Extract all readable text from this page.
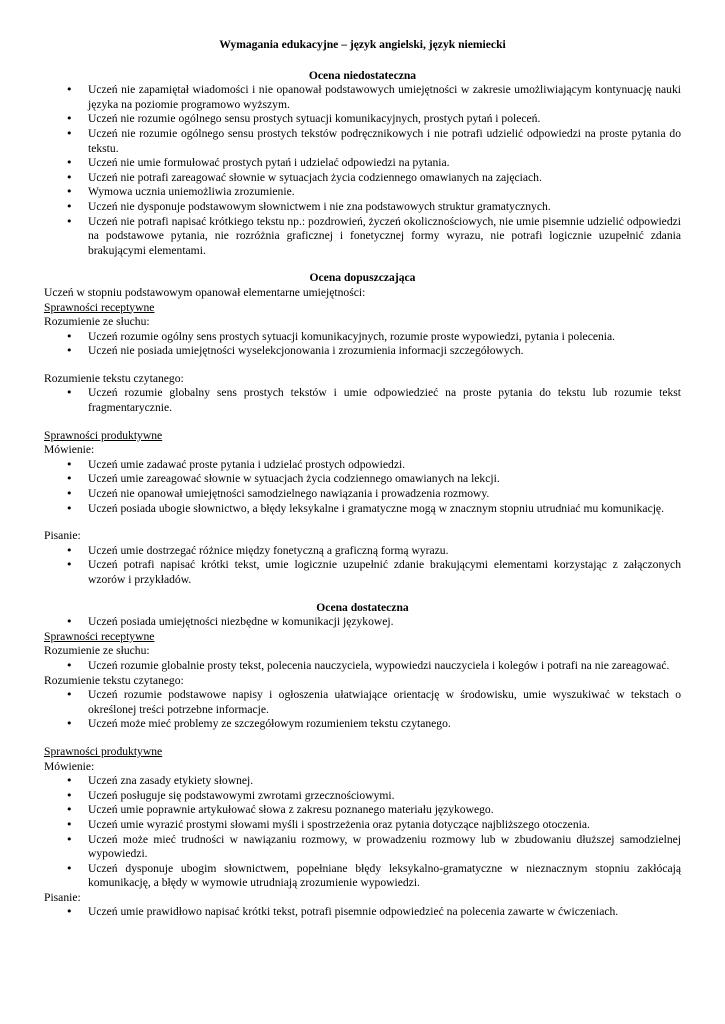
Wymagania edukacyjne – język angielski, język niemiecki

Ocena niedostateczna

• Uczeń nie zapamiętał wiadomości i nie opanował podstawowych umiejętności w zakresie umożliwiającym kontynuację nauki języka na poziomie programowo wyższym.
• Uczeń nie rozumie ogólnego sensu prostych sytuacji komunikacyjnych, prostych pytań i poleceń.
• Uczeń nie rozumie ogólnego sensu prostych tekstów podręcznikowych i nie potrafi udzielić odpowiedzi na proste pytania do tekstu.
• Uczeń nie umie formułować prostych pytań i udzielać odpowiedzi na pytania.
• Uczeń nie potrafi zareagować słownie w sytuacjach życia codziennego omawianych na zajęciach.
• Wymowa ucznia uniemożliwia zrozumienie.
• Uczeń nie dysponuje podstawowym słownictwem i nie zna podstawowych struktur gramatycznych.
• Uczeń nie potrafi napisać krótkiego tekstu np.: pozdrowień, życzeń okolicznościowych, nie umie pisemnie udzielić odpowiedzi na podstawowe pytania, nie rozróżnia graficznej i fonetycznej formy wyrazu, nie potrafi logicznie uzupełnić zdania brakującymi elementami.

Ocena dopuszczająca

Uczeń w stopniu podstawowym opanował elementarne umiejętności:

Sprawności receptywne

Rozumienie ze słuchu:

• Uczeń rozumie ogólny sens prostych sytuacji komunikacyjnych, rozumie proste wypowiedzi, pytania i polecenia.
• Uczeń nie posiada umiejętności wyselekcjonowania i zrozumienia informacji szczegółowych.

Rozumienie tekstu czytanego:

• Uczeń rozumie globalny sens prostych tekstów i umie odpowiedzieć na proste pytania do tekstu lub rozumie tekst fragmentarycznie.

Sprawności produktywne

Mówienie:

• Uczeń umie zadawać proste pytania i udzielać prostych odpowiedzi.
• Uczeń umie zareagować słownie w sytuacjach życia codziennego omawianych na lekcji.
• Uczeń nie opanował umiejętności samodzielnego nawiązania i prowadzenia rozmowy.
• Uczeń posiada ubogie słownictwo, a błędy leksykalne i gramatyczne mogą w znacznym stopniu utrudniać mu komunikację.

Pisanie:

• Uczeń umie dostrzegać różnice między fonetyczną a graficzną formą wyrazu.
• Uczeń potrafi napisać krótki tekst, umie logicznie uzupełnić zdanie brakującymi elementami korzystając z załączonych wzorów i przykładów.

Ocena dostateczna

• Uczeń posiada umiejętności niezbędne w komunikacji językowej.

Sprawności receptywne

Rozumienie ze słuchu:

• Uczeń rozumie globalnie prosty tekst, polecenia nauczyciela, wypowiedzi nauczyciela i kolegów i potrafi na nie zareagować.

Rozumienie tekstu czytanego:

• Uczeń rozumie podstawowe napisy i ogłoszenia ułatwiające orientację w środowisku, umie wyszukiwać w tekstach o określonej treści potrzebne informacje.
• Uczeń może mieć problemy ze szczegółowym rozumieniem tekstu czytanego.

Sprawności produktywne

Mówienie:

• Uczeń zna zasady etykiety słownej.
• Uczeń posługuje się podstawowymi zwrotami grzecznościowymi.
• Uczeń umie poprawnie artykułować słowa z zakresu poznanego materiału językowego.
• Uczeń umie wyrazić prostymi słowami myśli i spostrzeżenia oraz pytania dotyczące najbliższego otoczenia.
• Uczeń może mieć trudności w nawiązaniu rozmowy, w prowadzeniu rozmowy lub w zbudowaniu dłuższej samodzielnej wypowiedzi.
• Uczeń dysponuje ubogim słownictwem, popełniane błędy leksykalno-gramatyczne w nieznacznym stopniu zakłócają komunikację, a błędy w wymowie utrudniają zrozumienie wypowiedzi.

Pisanie:

• Uczeń umie prawidłowo napisać krótki tekst, potrafi pisemnie odpowiedzieć na polecenia zawarte w ćwiczeniach.
